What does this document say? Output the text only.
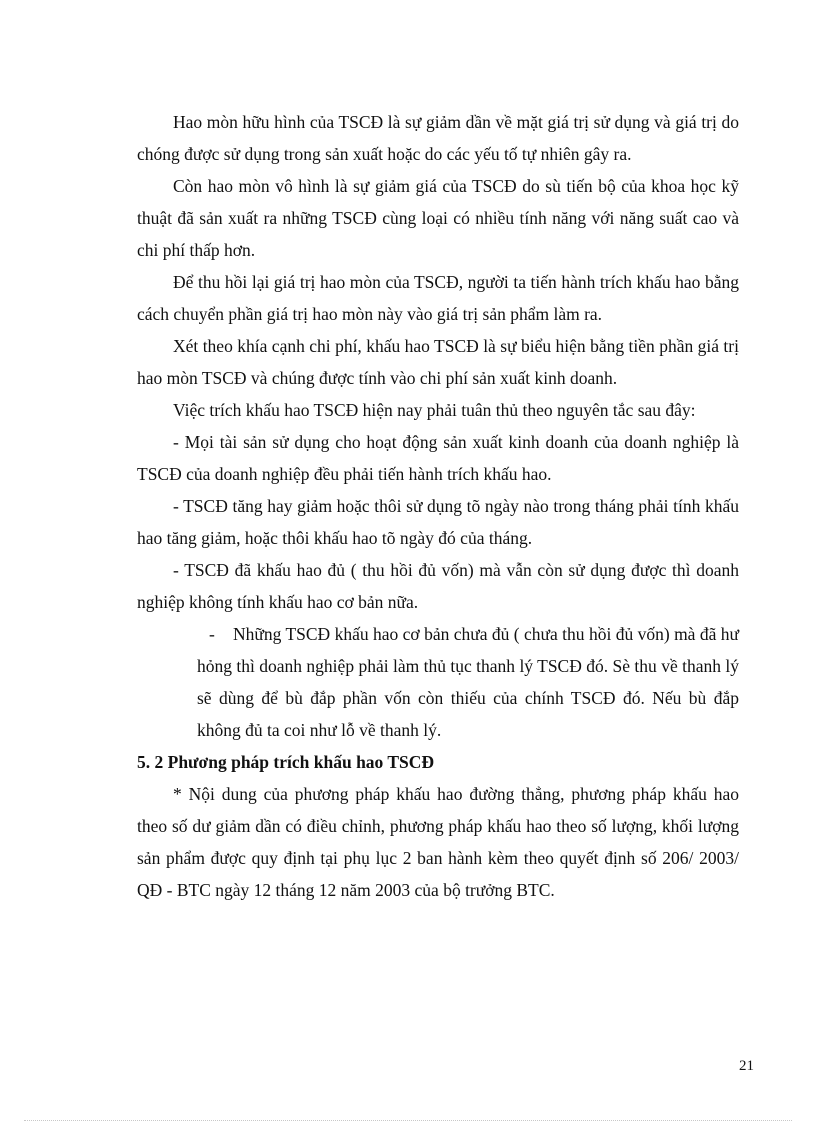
Hao mòn hữu hình của TSCĐ là sự giảm dần về mặt giá trị sử dụng và giá trị do chóng được sử dụng trong sản xuất hoặc do các yếu tố tự nhiên gây ra.

Còn hao mòn vô hình là sự giảm giá của TSCĐ do sù tiến bộ của khoa học kỹ thuật đã sản xuất ra những TSCĐ cùng loại có nhiều tính năng với năng suất cao và chi phí thấp hơn.

Để thu hồi lại giá trị hao mòn của TSCĐ, người ta tiến hành trích khấu hao bằng cách chuyển phần giá trị hao mòn này vào giá trị sản phẩm làm ra.

Xét theo khía cạnh chi phí, khấu hao TSCĐ là sự biểu hiện bằng tiền phần giá trị hao mòn TSCĐ và chúng được tính vào chi phí sản xuất kinh doanh.

Việc trích khấu hao TSCĐ hiện nay phải tuân thủ theo nguyên tắc sau đây:

- Mọi tài sản sử dụng cho hoạt động sản xuất kinh doanh của doanh nghiệp là TSCĐ của doanh nghiệp đều phải tiến hành trích khấu hao.

- TSCĐ tăng hay giảm hoặc thôi sử dụng tõ ngày nào trong tháng phải tính khấu hao tăng giảm, hoặc thôi khấu hao tõ ngày đó của tháng.

- TSCĐ đã khấu hao đủ ( thu hồi đủ vốn) mà vẫn còn sử dụng được thì doanh nghiệp không tính khấu hao cơ bản nữa.

-	Những TSCĐ khấu hao cơ bản chưa đủ ( chưa thu hồi đủ vốn) mà đã hư hỏng thì doanh nghiệp phải làm thủ tục thanh lý TSCĐ đó. Sè thu về thanh lý sẽ dùng để bù đắp phần vốn còn thiếu của chính TSCĐ đó. Nếu bù đắp không đủ ta coi như lỗ về thanh lý.

5. 2 Phương pháp trích khấu hao TSCĐ

* Nội dung của phương pháp khấu hao đường thẳng, phương pháp khấu hao theo số dư giảm dần có điều chỉnh, phương pháp khấu hao theo số lượng, khối lượng sản phẩm được quy định tại phụ lục 2 ban hành kèm theo quyết định số 206/ 2003/ QĐ - BTC ngày 12 tháng 12 năm 2003 của bộ trưởng BTC.

21
